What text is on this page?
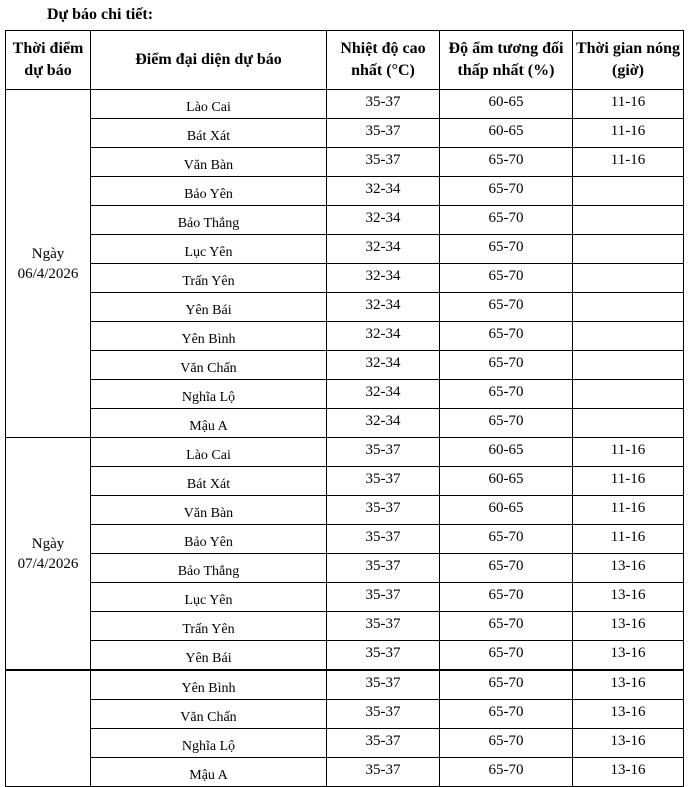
Dự báo chi tiết:
Thời điểm dự báo	Điểm đại diện dự báo	Nhiệt độ cao nhất (°C)	Độ ẩm tương đối thấp nhất (%)	Thời gian nóng (giờ)
Ngày
06/4/2026	Lào Cai	35-37	60-65	11-16
	Bát Xát	35-37	60-65	11-16
	Văn Bàn	35-37	65-70	11-16
	Bảo Yên	32-34	65-70	
	Bảo Thắng	32-34	65-70	
	Lục Yên	32-34	65-70	
	Trấn Yên	32-34	65-70	
	Yên Bái	32-34	65-70	
	Yên Bình	32-34	65-70	
	Văn Chấn	32-34	65-70	
	Nghĩa Lộ	32-34	65-70	
	Mậu A	32-34	65-70	
Ngày
07/4/2026	Lào Cai	35-37	60-65	11-16
	Bát Xát	35-37	60-65	11-16
	Văn Bàn	35-37	60-65	11-16
	Bảo Yên	35-37	65-70	11-16
	Bảo Thắng	35-37	65-70	13-16
	Lục Yên	35-37	65-70	13-16
	Trấn Yên	35-37	65-70	13-16
	Yên Bái	35-37	65-70	13-16
	Yên Bình	35-37	65-70	13-16
	Văn Chấn	35-37	65-70	13-16
	Nghĩa Lộ	35-37	65-70	13-16
	Mậu A	35-37	65-70	13-16
